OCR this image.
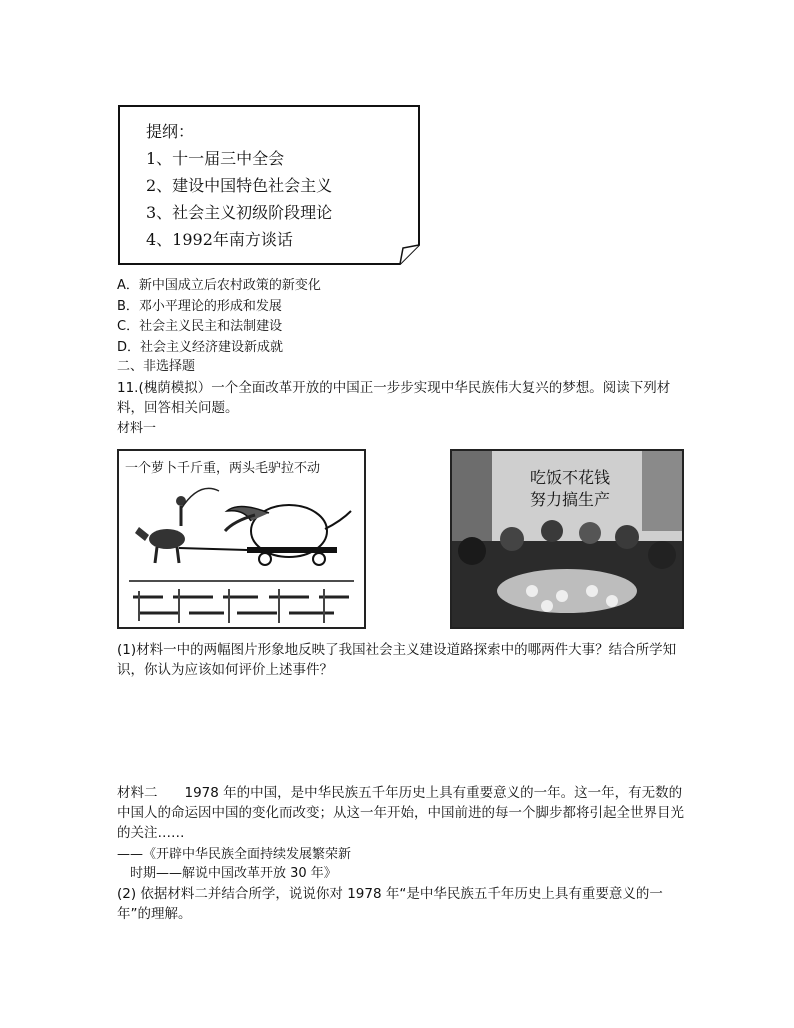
提纲：
1、十一届三中全会
2、建设中国特色社会主义
3、社会主义初级阶段理论
4、1992年南方谈话
A．新中国成立后农村政策的新变化
B．邓小平理论的形成和发展
C．社会主义民主和法制建设
D．社会主义经济建设新成就
二、非选择题
11.(槐荫模拟）一个全面改革开放的中国正一步步实现中华民族伟大复兴的梦想。阅读下列材料，回答相关问题。
材料一
一个萝卜千斤重，两头毛驴拉不动	吃饭不花钱
努力搞生产
(1)材料一中的两幅图片形象地反映了我国社会主义建设道路探索中的哪两件大事？结合所学知识，你认为应该如何评价上述事件？
材料二　　1978 年的中国，是中华民族五千年历史上具有重要意义的一年。这一年，有无数的中国人的命运因中国的变化而改变；从这一年开始，中国前进的每一个脚步都将引起全世界目光的关注……
——《开辟中华民族全面持续发展繁荣新
　时期——解说中国改革开放 30 年》
(2) 依据材料二并结合所学，说说你对 1978 年“是中华民族五千年历史上具有重要意义的一年”的理解。
